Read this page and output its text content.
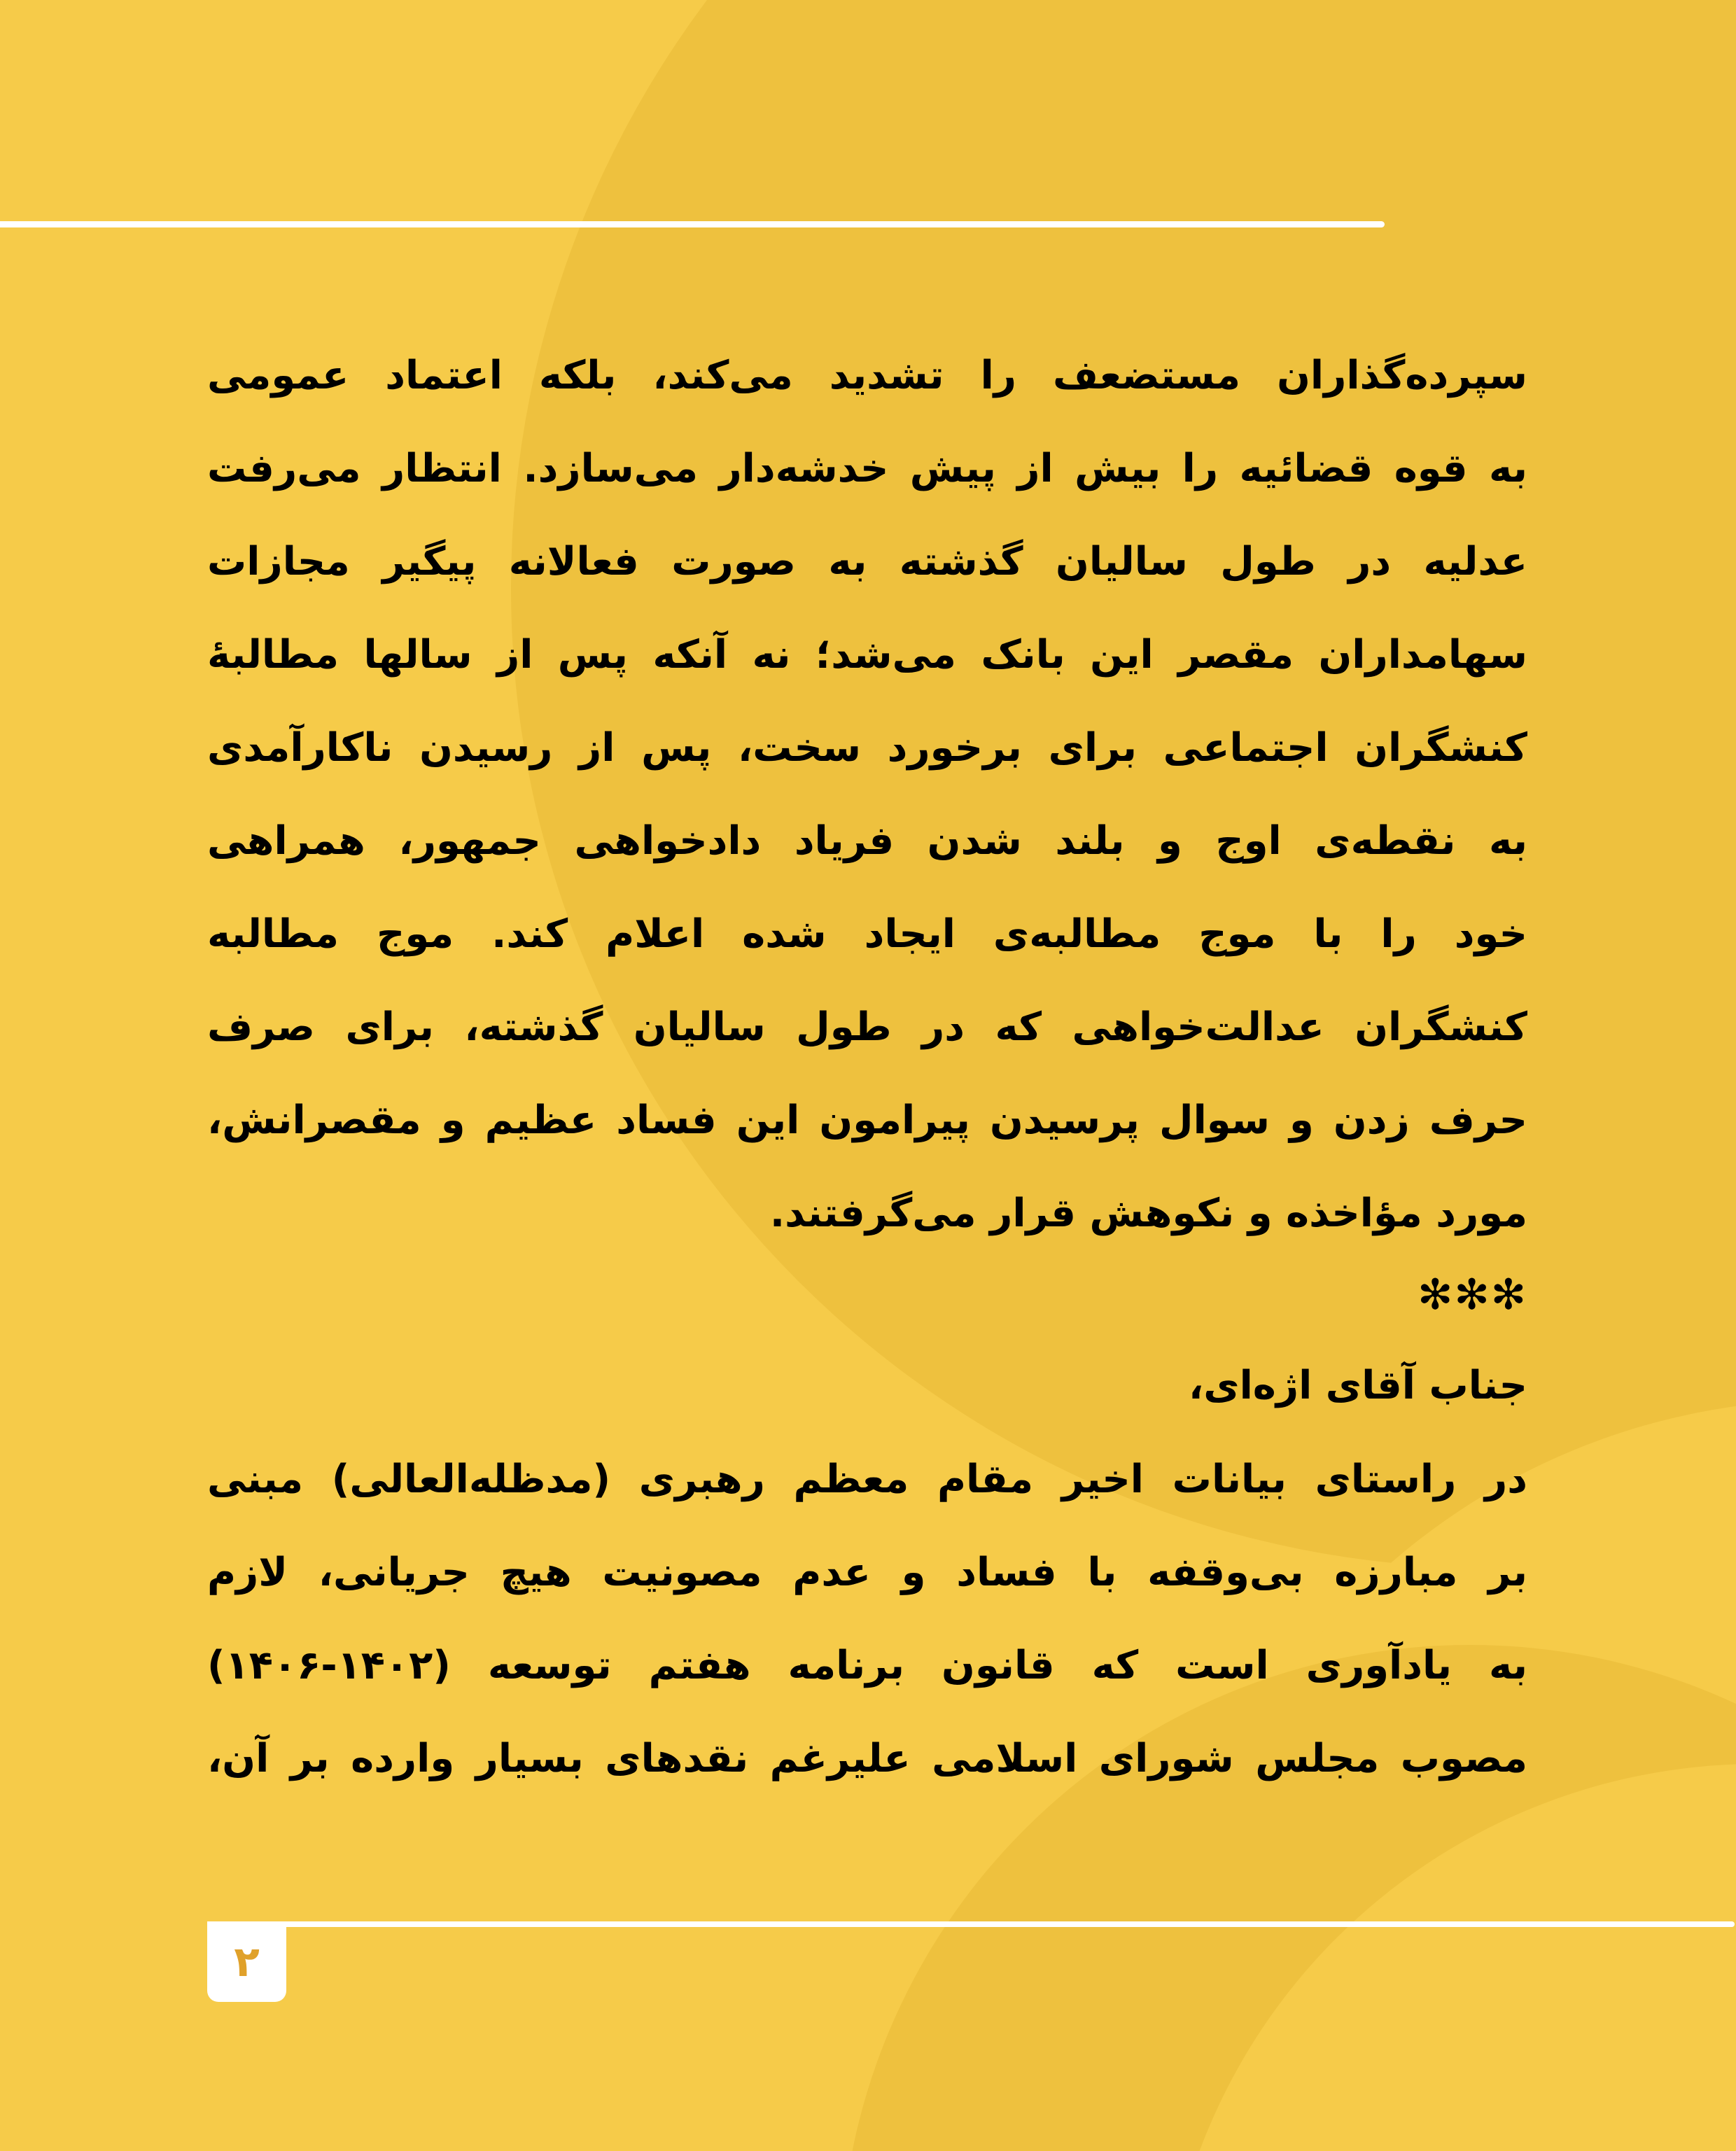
سپرده‌گذاران مستضعف را تشدید می‌کند، بلکه اعتماد عمومی
به قوه قضائیه را بیش از پیش خدشه‌دار می‌سازد. انتظار می‌رفت
عدلیه در طول سالیان گذشته به صورت فعالانه پیگیر مجازات
سهامداران مقصر این بانک می‌شد؛ نه آنکه پس از سالها مطالبهٔ
کنشگران اجتماعی برای برخورد سخت، پس از رسیدن ناکارآمدی
به نقطه‌ی اوج و بلند شدن فریاد دادخواهی جمهور، همراهی
خود را با موج مطالبه‌ی ایجاد شده اعلام کند. موج مطالبه
کنشگران عدالت‌خواهی که در طول سالیان گذشته، برای صرف
حرف زدن و سوال پرسیدن پیرامون این فساد عظیم و مقصرانش،
مورد مؤاخذه و نکوهش قرار می‌گرفتند.

✻✻✻
جناب آقای اژه‌ای،

در راستای بیانات اخیر مقام معظم رهبری (مدظله‌العالی) مبنی
بر مبارزه بی‌وقفه با فساد و عدم مصونیت هیچ جریانی، لازم
به یادآوری است که قانون برنامه هفتم توسعه (۱۴۰۲-۱۴۰۶)
مصوب مجلس شورای اسلامی علیرغم نقدهای بسیار وارده بر آن،

۲
